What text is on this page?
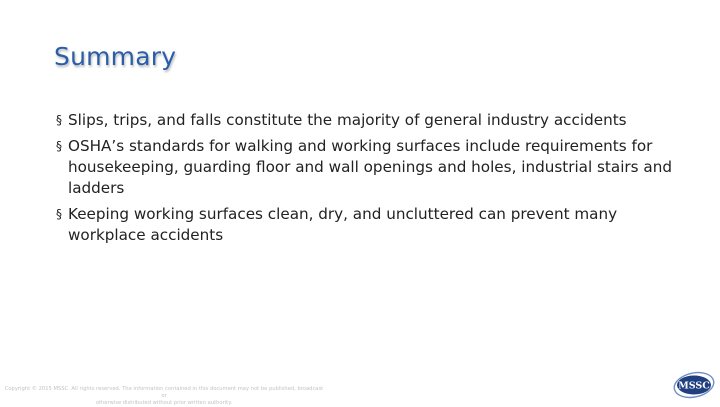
Summary
§ Slips, trips, and falls constitute the majority of general industry accidents
§ OSHA’s standards for walking and working surfaces include requirements for housekeeping, guarding floor and wall openings and holes, industrial stairs and ladders
§ Keeping working surfaces clean, dry, and uncluttered can prevent many workplace accidents
Copyright © 2015 MSSC. All rights reserved. The information contained in this document may not be published, broadcast or
otherwise distributed without prior written authority.
MSSC
